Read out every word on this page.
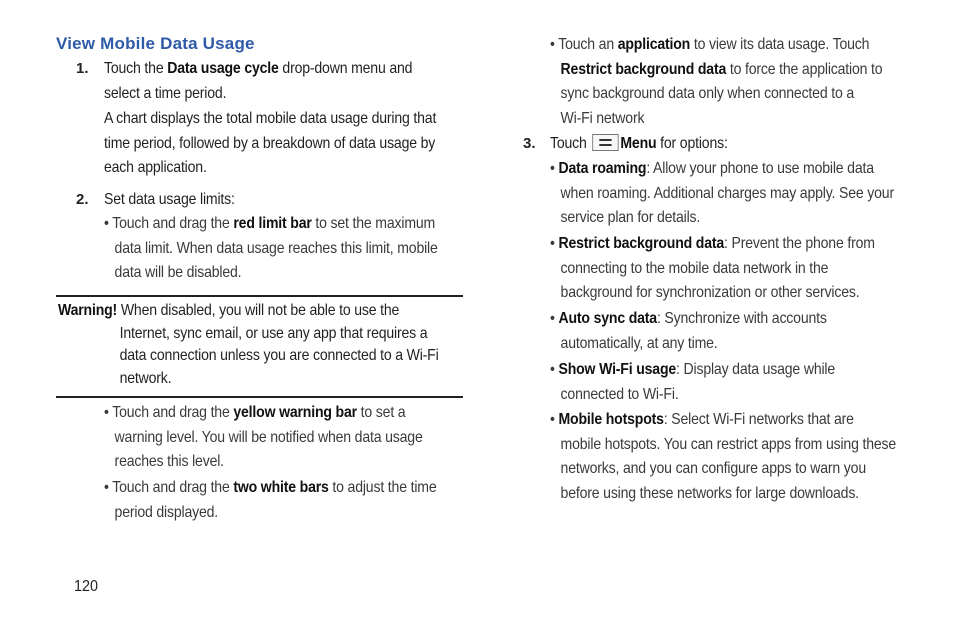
View Mobile Data Usage
1. Touch the Data usage cycle drop-down menu and
select a time period.
A chart displays the total mobile data usage during that
time period, followed by a breakdown of data usage by
each application.
2. Set data usage limits:
• Touch and drag the red limit bar to set the maximum
data limit. When data usage reaches this limit, mobile
data will be disabled.
Warning! When disabled, you will not be able to use the
Internet, sync email, or use any app that requires a
data connection unless you are connected to a Wi-Fi
network.
• Touch and drag the yellow warning bar to set a
warning level. You will be notified when data usage
reaches this level.
• Touch and drag the two white bars to adjust the time
period displayed.
• Touch an application to view its data usage. Touch
Restrict background data to force the application to
sync background data only when connected to a
Wi-Fi network
3. Touch
Menu for options:
• Data roaming: Allow your phone to use mobile data
when roaming. Additional charges may apply. See your
service plan for details.
• Restrict background data: Prevent the phone from
connecting to the mobile data network in the
background for synchronization or other services.
• Auto sync data: Synchronize with accounts
automatically, at any time.
• Show Wi-Fi usage: Display data usage while
connected to Wi-Fi.
• Mobile hotspots: Select Wi-Fi networks that are
mobile hotspots. You can restrict apps from using these
networks, and you can configure apps to warn you
before using these networks for large downloads.
120
